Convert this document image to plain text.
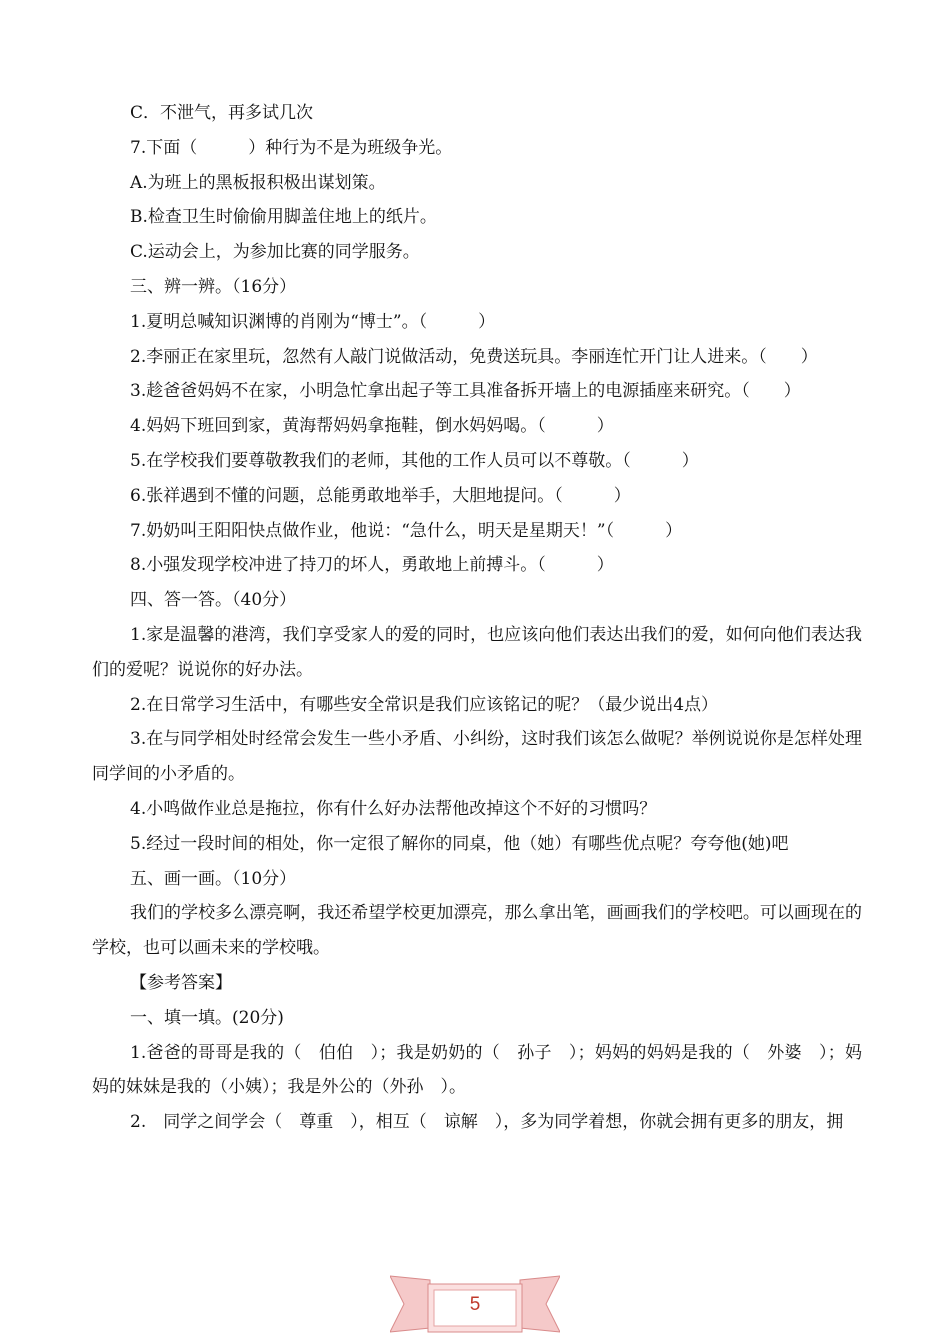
C．不泄气，再多试几次
7.下面（　　　）种行为不是为班级争光。
A.为班上的黑板报积极出谋划策。
B.检查卫生时偷偷用脚盖住地上的纸片。
C.运动会上，为参加比赛的同学服务。
三、辨一辨。（16分）
1.夏明总喊知识渊博的肖刚为“博士”。（　　　）
2.李丽正在家里玩，忽然有人敲门说做活动，免费送玩具。李丽连忙开门让人进来。（　　）
3.趁爸爸妈妈不在家，小明急忙拿出起子等工具准备拆开墙上的电源插座来研究。（　　）
4.妈妈下班回到家，黄海帮妈妈拿拖鞋，倒水妈妈喝。（　　　）
5.在学校我们要尊敬教我们的老师，其他的工作人员可以不尊敬。（　　　）
6.张祥遇到不懂的问题，总能勇敢地举手，大胆地提问。（　　　）
7.奶奶叫王阳阳快点做作业，他说：“急什么，明天是星期天！”（　　　）
8.小强发现学校冲进了持刀的坏人，勇敢地上前搏斗。（　　　）
四、答一答。（40分）
1.家是温馨的港湾，我们享受家人的爱的同时，也应该向他们表达出我们的爱，如何向他们表达我们的爱呢？说说你的好办法。
2.在日常学习生活中，有哪些安全常识是我们应该铭记的呢？（最少说出4点）
3.在与同学相处时经常会发生一些小矛盾、小纠纷，这时我们该怎么做呢？举例说说你是怎样处理同学间的小矛盾的。
4.小鸣做作业总是拖拉，你有什么好办法帮他改掉这个不好的习惯吗？
5.经过一段时间的相处，你一定很了解你的同桌，他（她）有哪些优点呢？夸夸他(她)吧
五、画一画。（10分）
我们的学校多么漂亮啊，我还希望学校更加漂亮，那么拿出笔，画画我们的学校吧。可以画现在的学校，也可以画未来的学校哦。
【参考答案】
一、填一填。(20分)
1.爸爸的哥哥是我的（　伯伯　）；我是奶奶的（　孙子　）；妈妈的妈妈是我的（　外婆　）；妈妈的妹妹是我的（小姨）；我是外公的（外孙　）。
2.　同学之间学会（　尊重　），相互（　谅解　），多为同学着想，你就会拥有更多的朋友，拥
5
